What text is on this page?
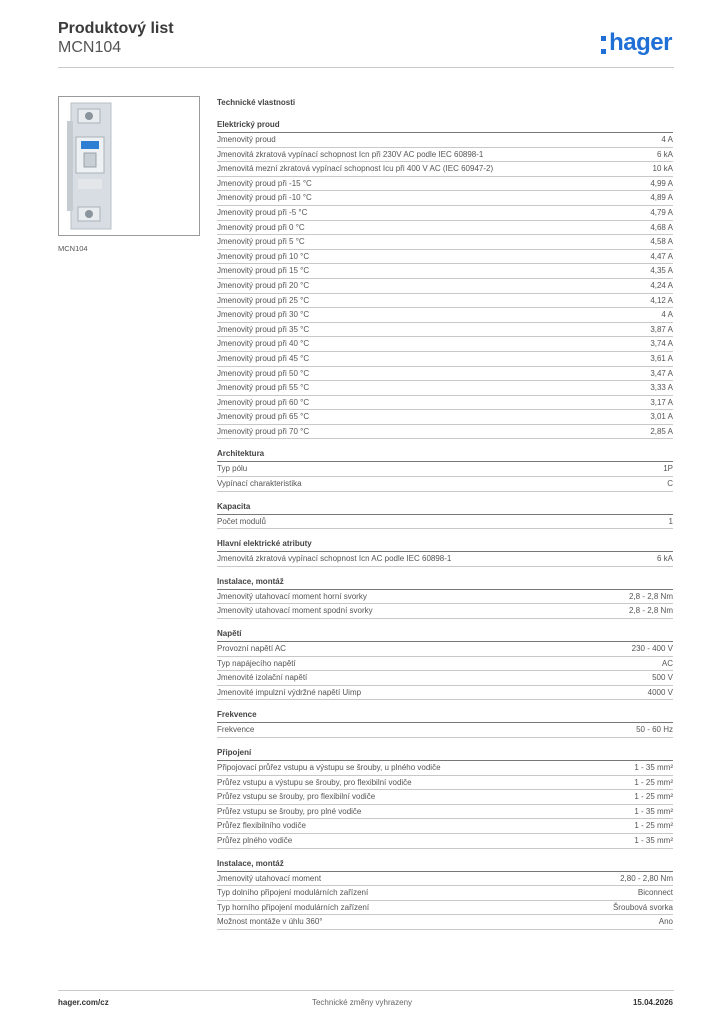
Produktový list
MCN104	hager
MCN104
Technické vlastnosti
Elektrický proud
Jmenovitý proud	4 A
Jmenovitá zkratová vypínací schopnost Icn při 230V AC podle IEC 60898-1	6 kA
Jmenovitá mezní zkratová vypínací schopnost Icu při 400 V AC (IEC 60947-2)	10 kA
Jmenovitý proud při -15 °C	4,99 A
Jmenovitý proud při -10 °C	4,89 A
Jmenovitý proud při -5 °C	4,79 A
Jmenovitý proud při 0 °C	4,68 A
Jmenovitý proud při 5 °C	4,58 A
Jmenovitý proud při 10 °C	4,47 A
Jmenovitý proud při 15 °C	4,35 A
Jmenovitý proud při 20 °C	4,24 A
Jmenovitý proud při 25 °C	4,12 A
Jmenovitý proud při 30 °C	4 A
Jmenovitý proud při 35 °C	3,87 A
Jmenovitý proud při 40 °C	3,74 A
Jmenovitý proud při 45 °C	3,61 A
Jmenovitý proud při 50 °C	3,47 A
Jmenovitý proud při 55 °C	3,33 A
Jmenovitý proud při 60 °C	3,17 A
Jmenovitý proud při 65 °C	3,01 A
Jmenovitý proud při 70 °C	2,85 A
Architektura
Typ pólu	1P
Vypínací charakteristika	C
Kapacita
Počet modulů	1
Hlavní elektrické atributy
Jmenovitá zkratová vypínací schopnost Icn AC podle IEC 60898-1	6 kA
Instalace, montáž
Jmenovitý utahovací moment horní svorky	2,8 - 2,8 Nm
Jmenovitý utahovací moment spodní svorky	2,8 - 2,8 Nm
Napětí
Provozní napětí AC	230 - 400 V
Typ napájecího napětí	AC
Jmenovité izolační napětí	500 V
Jmenovité impulzní výdržné napětí Uimp	4000 V
Frekvence
Frekvence	50 - 60 Hz
Připojení
Připojovací průřez vstupu a výstupu se šrouby, u plného vodiče	1 - 35 mm²
Průřez vstupu a výstupu se šrouby, pro flexibilní vodiče	1 - 25 mm²
Průřez vstupu se šrouby, pro flexibilní vodiče	1 - 25 mm²
Průřez vstupu se šrouby, pro plné vodiče	1 - 35 mm²
Průřez flexibilního vodiče	1 - 25 mm²
Průřez plného vodiče	1 - 35 mm²
Instalace, montáž
Jmenovitý utahovací moment	2,80 - 2,80 Nm
Typ dolního připojení modulárních zařízení	Biconnect
Typ horního připojení modulárních zařízení	Šroubová svorka
Možnost montáže v úhlu 360°	Ano
hager.com/cz	Technické změny vyhrazeny	15.04.2026
